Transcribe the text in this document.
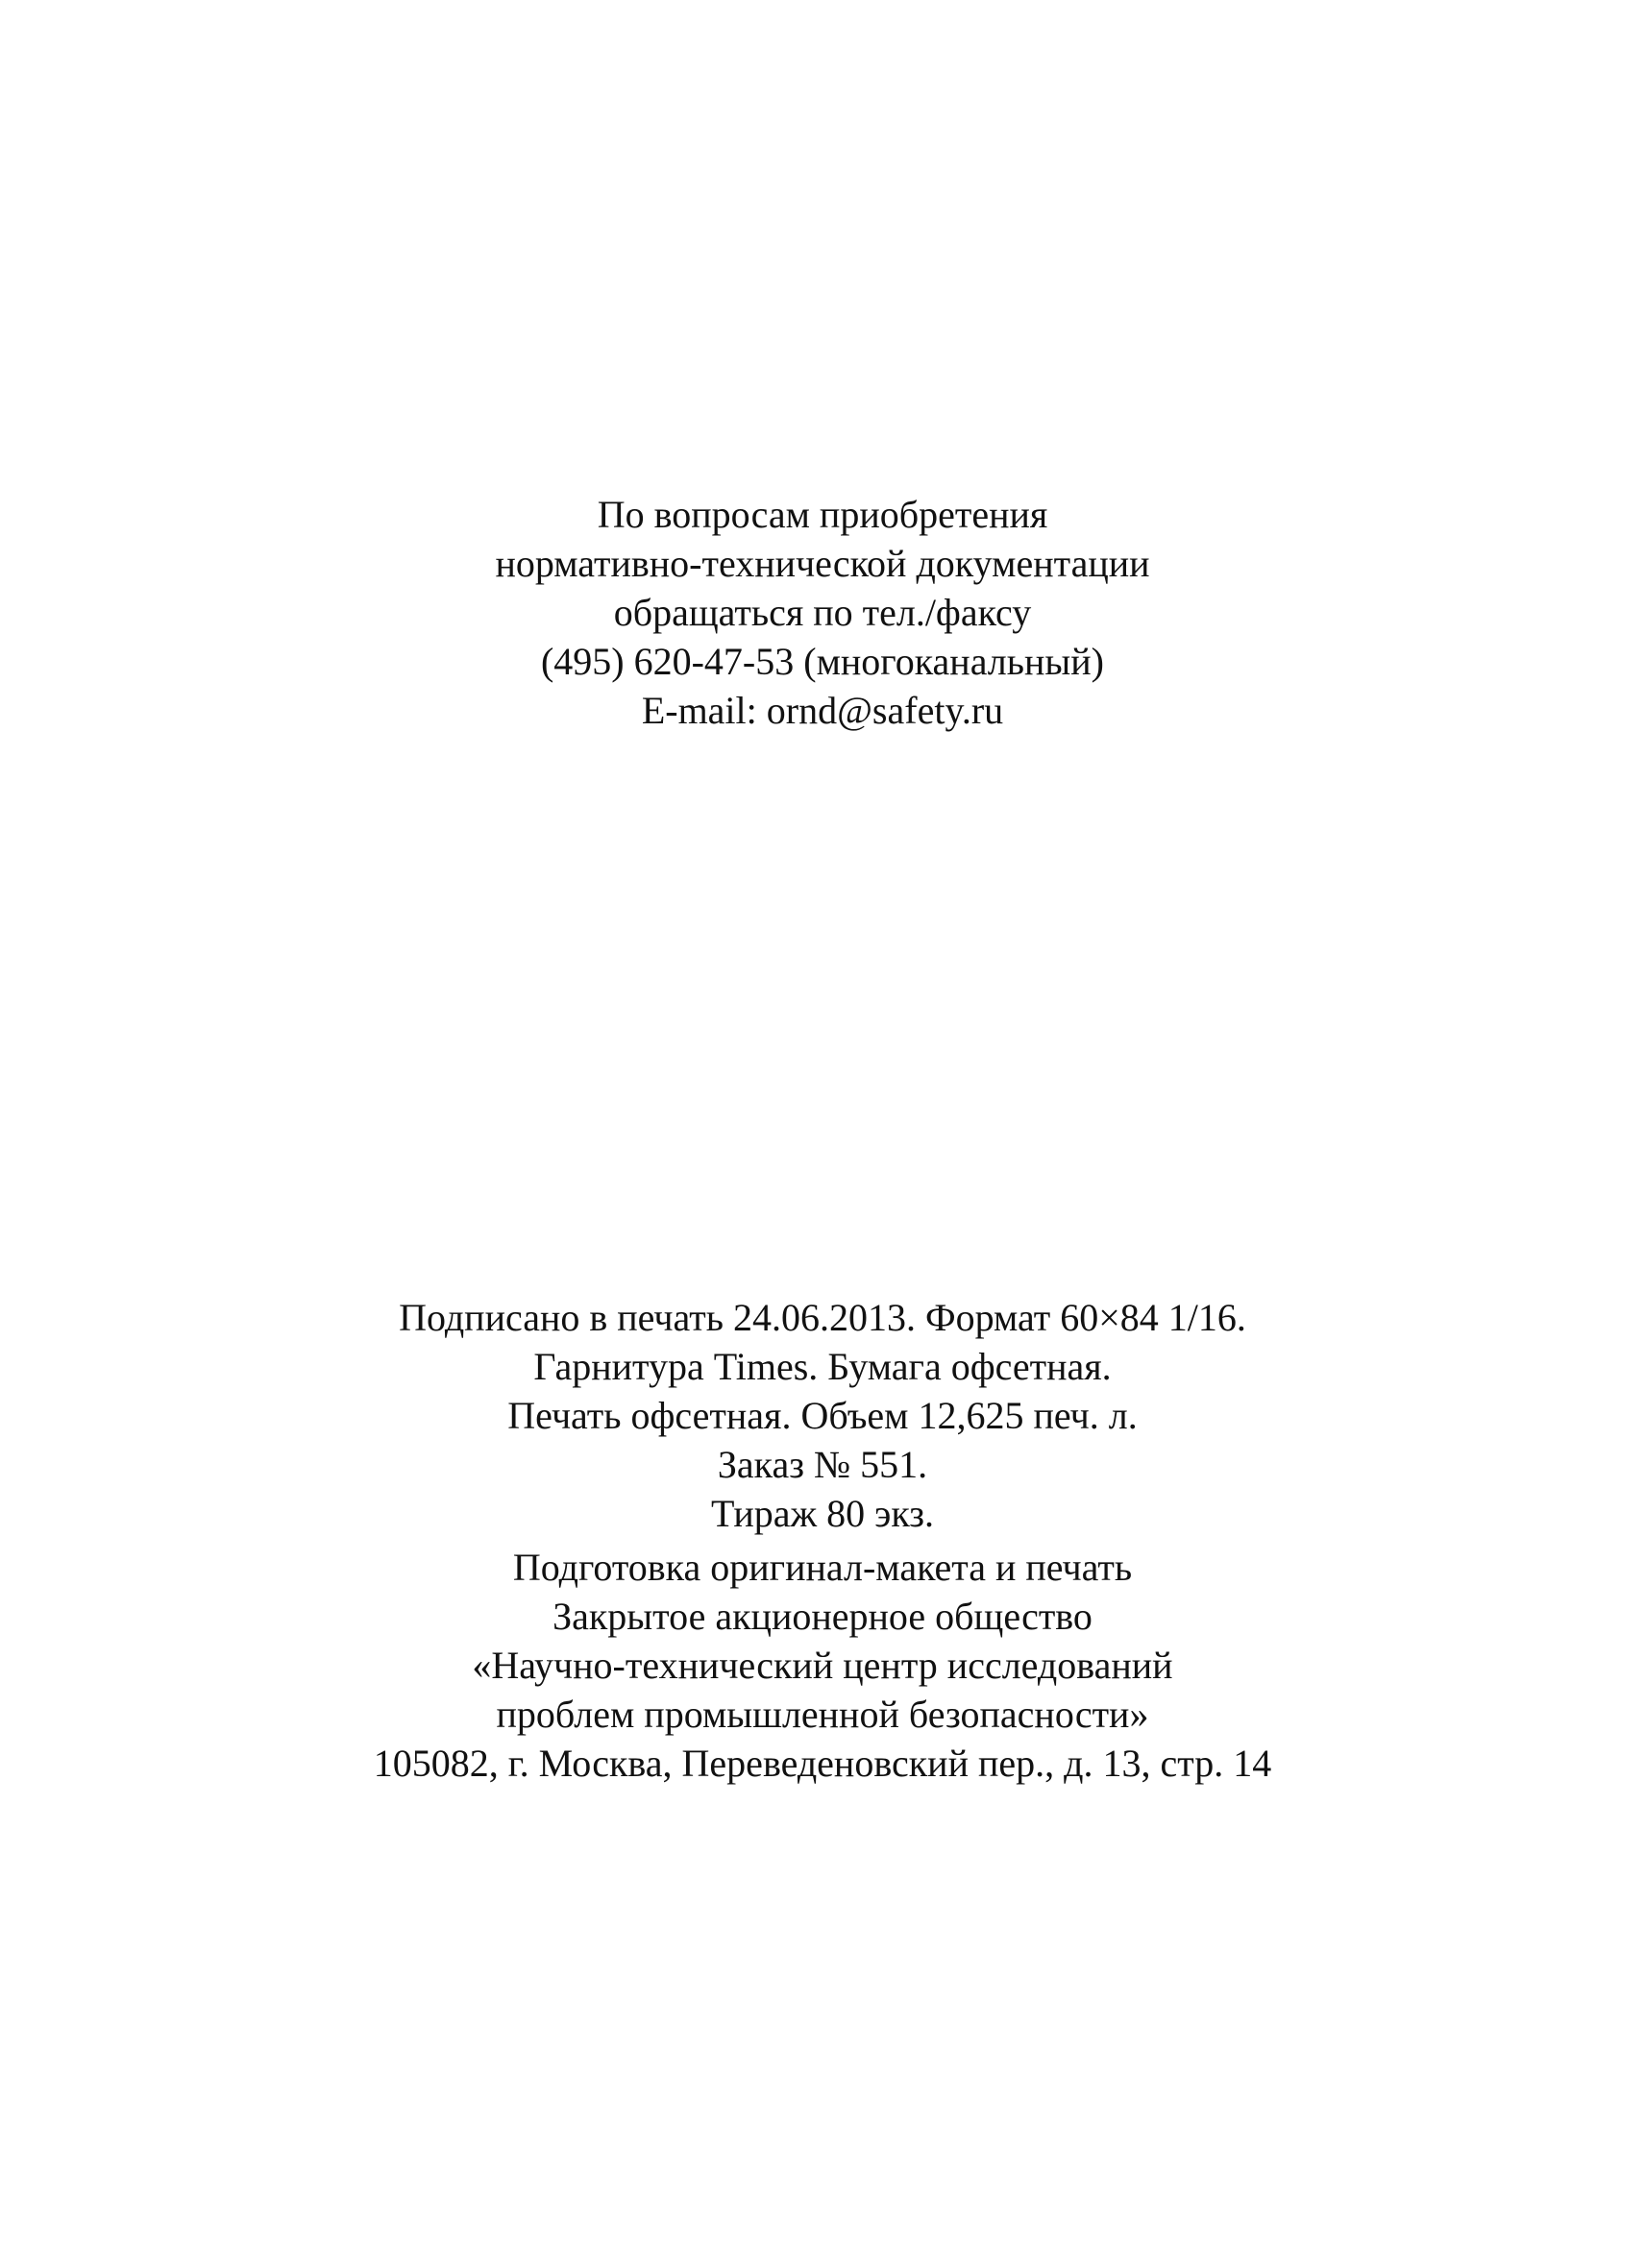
По вопросам приобретения
нормативно-технической документации
обращаться по тел./факсу
(495) 620-47-53 (многоканальный)
E-mail: ornd@safety.ru
Подписано в печать 24.06.2013. Формат 60×84 1/16.
Гарнитура Times. Бумага офсетная.
Печать офсетная. Объем 12,625 печ. л.
Заказ № 551.
Тираж 80 экз.
Подготовка оригинал-макета и печать
Закрытое акционерное общество
«Научно-технический центр исследований
проблем промышленной безопасности»
105082, г. Москва, Переведеновский пер., д. 13, стр. 14
